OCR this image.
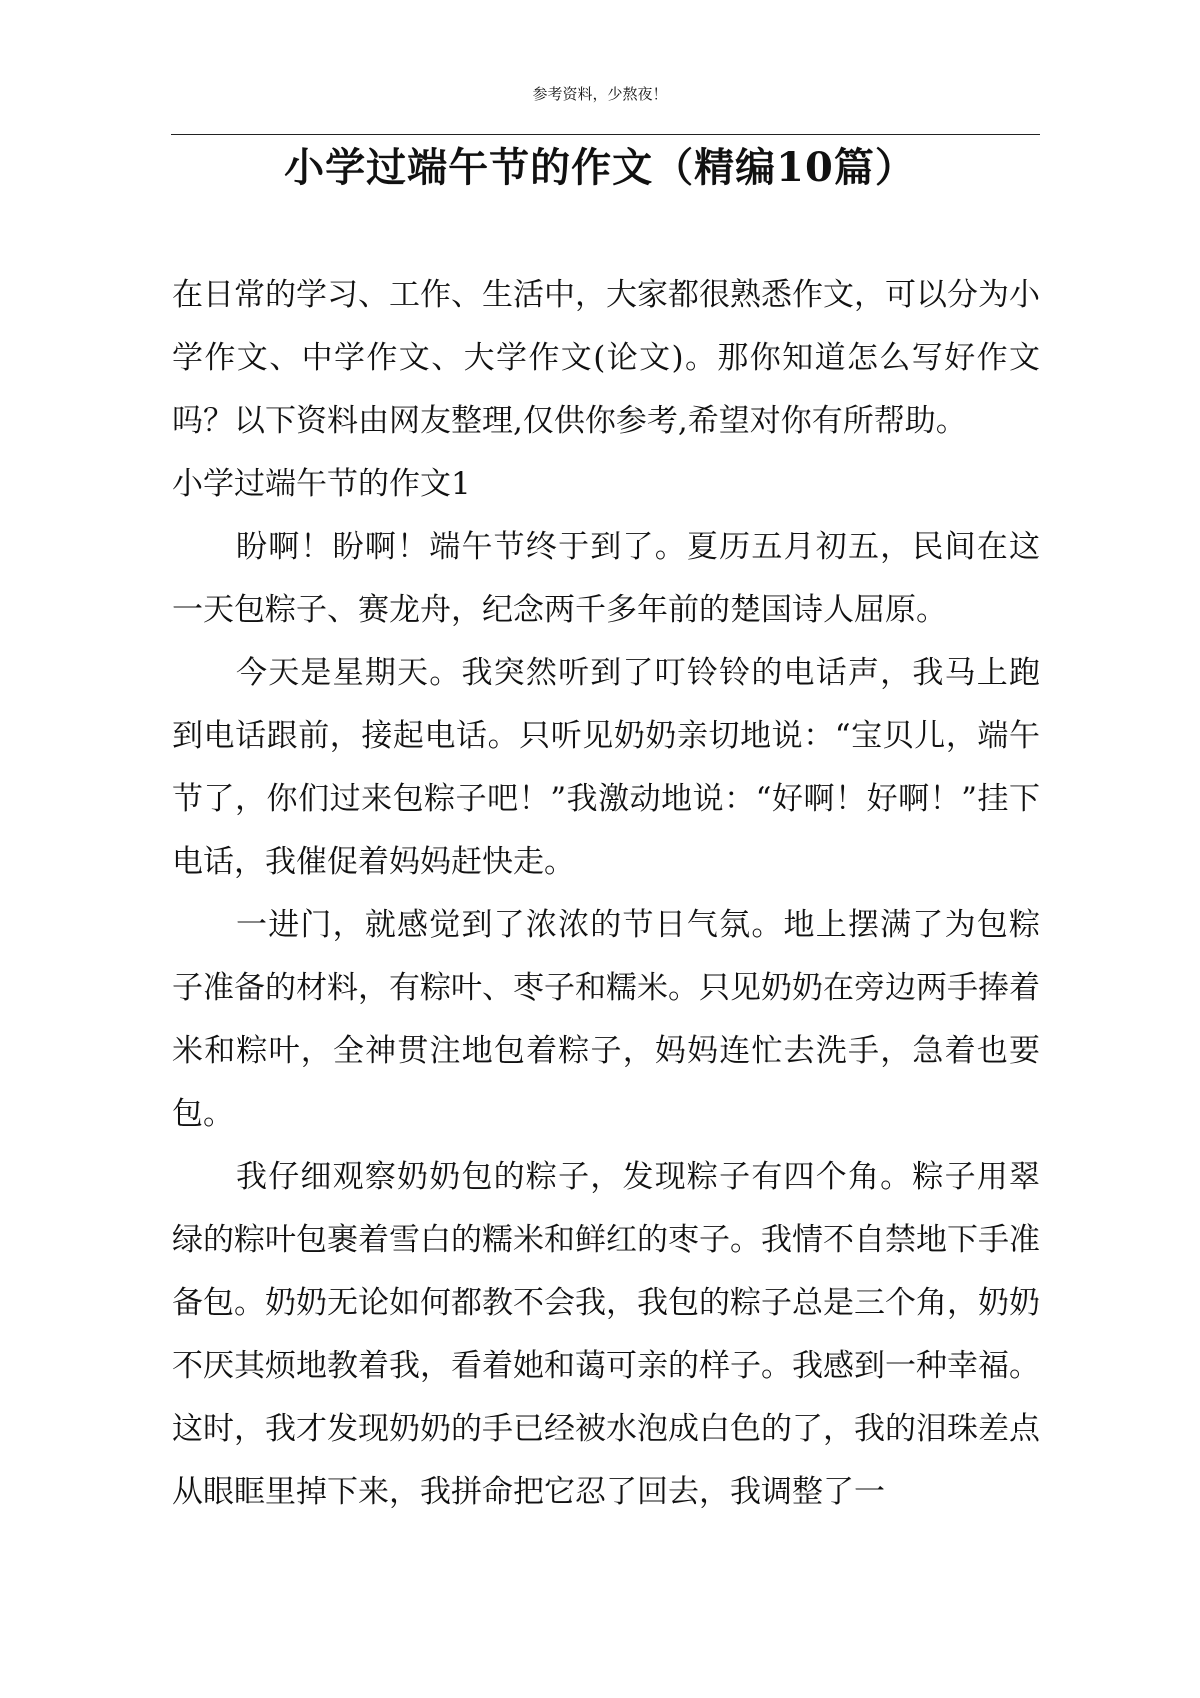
参考资料，少熬夜！
小学过端午节的作文（精编10篇）

在日常的学习、工作、生活中，大家都很熟悉作文，可以分为小学作文、中学作文、大学作文(论文)。那你知道怎么写好作文吗？以下资料由网友整理,仅供你参考,希望对你有所帮助。

小学过端午节的作文1

盼啊！盼啊！端午节终于到了。夏历五月初五，民间在这一天包粽子、赛龙舟，纪念两千多年前的楚国诗人屈原。

今天是星期天。我突然听到了叮铃铃的电话声，我马上跑到电话跟前，接起电话。只听见奶奶亲切地说：“宝贝儿，端午节了，你们过来包粽子吧！”我激动地说：“好啊！好啊！”挂下电话，我催促着妈妈赶快走。

一进门，就感觉到了浓浓的节日气氛。地上摆满了为包粽子准备的材料，有粽叶、枣子和糯米。只见奶奶在旁边两手捧着米和粽叶，全神贯注地包着粽子，妈妈连忙去洗手，急着也要包。

我仔细观察奶奶包的粽子，发现粽子有四个角。粽子用翠绿的粽叶包裹着雪白的糯米和鲜红的枣子。我情不自禁地下手准备包。奶奶无论如何都教不会我，我包的粽子总是三个角，奶奶不厌其烦地教着我，看着她和蔼可亲的样子。我感到一种幸福。这时，我才发现奶奶的手已经被水泡成白色的了，我的泪珠差点从眼眶里掉下来，我拼命把它忍了回去，我调整了一
